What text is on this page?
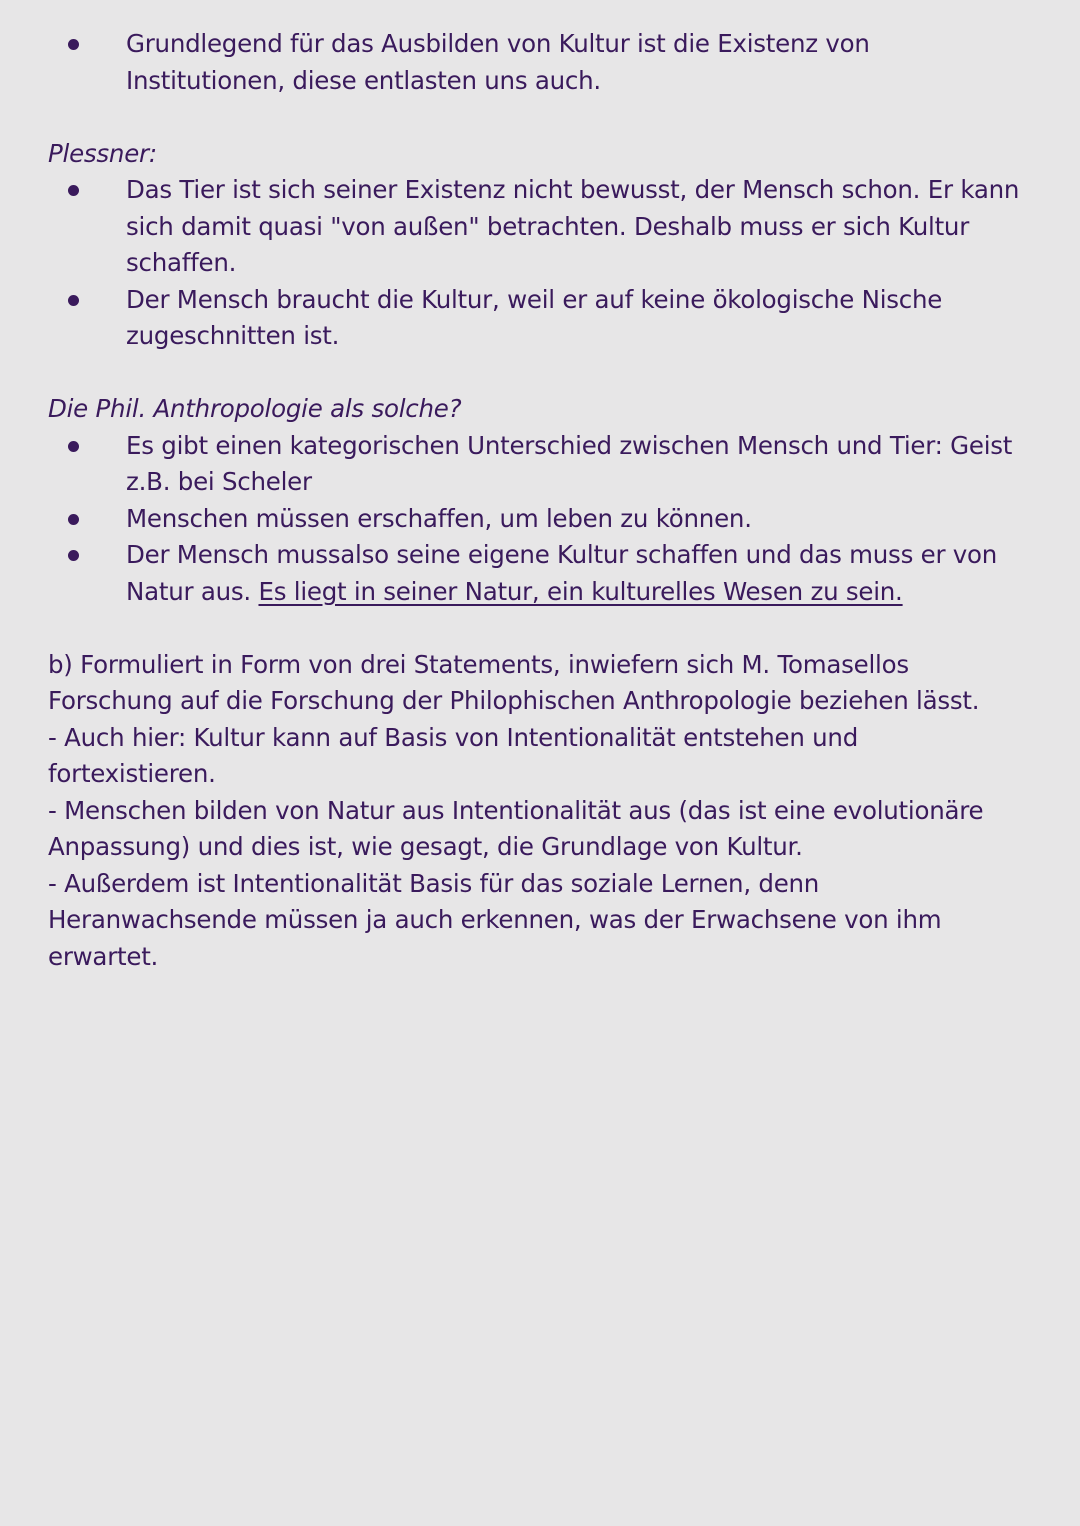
Grundlegend für das Ausbilden von Kultur ist die Existenz von Institutionen, diese entlasten uns auch.

Plessner:

Das Tier ist sich seiner Existenz nicht bewusst, der Mensch schon. Er kann sich damit quasi "von außen" betrachten. Deshalb muss er sich Kultur schaffen.
Der Mensch braucht die Kultur, weil er auf keine ökologische Nische zugeschnitten ist.

Die Phil. Anthropologie als solche?

Es gibt einen kategorischen Unterschied zwischen Mensch und Tier: Geist z.B. bei Scheler
Menschen müssen erschaffen, um leben zu können.
Der Mensch mussalso seine eigene Kultur schaffen und das muss er von Natur aus. Es liegt in seiner Natur, ein kulturelles Wesen zu sein.

b) Formuliert in Form von drei Statements, inwiefern sich M. Tomasellos Forschung auf die Forschung der Philophischen Anthropologie beziehen lässt.

- Auch hier: Kultur kann auf Basis von Intentionalität entstehen und fortexistieren.

- Menschen bilden von Natur aus Intentionalität aus (das ist eine evolutionäre Anpassung) und dies ist, wie gesagt, die Grundlage von Kultur.

- Außerdem ist Intentionalität Basis für das soziale Lernen, denn Heranwachsende müssen ja auch erkennen, was der Erwachsene von ihm erwartet.
